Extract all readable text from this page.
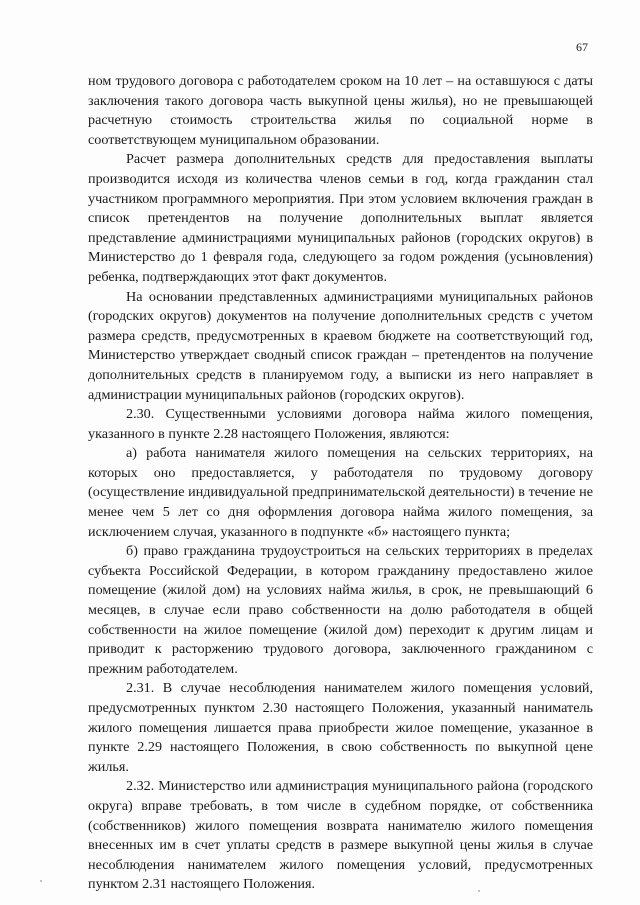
67

ном трудового договора с работодателем сроком на 10 лет – на оставшуюся с даты заключения такого договора часть выкупной цены жилья), но не превышающей расчетную стоимость строительства жилья по социальной норме в соответствующем муниципальном образовании.

Расчет размера дополнительных средств для предоставления выплаты производится исходя из количества членов семьи в год, когда гражданин стал участником программного мероприятия. При этом условием включения граждан в список претендентов на получение дополнительных выплат является представление администрациями муниципальных районов (городских округов) в Министерство до 1 февраля года, следующего за годом рождения (усыновления) ребенка, подтверждающих этот факт документов.

На основании представленных администрациями муниципальных районов (городских округов) документов на получение дополнительных средств с учетом размера средств, предусмотренных в краевом бюджете на соответствующий год, Министерство утверждает сводный список граждан – претендентов на получение дополнительных средств в планируемом году, а выписки из него направляет в администрации муниципальных районов (городских округов).

2.30. Существенными условиями договора найма жилого помещения, указанного в пункте 2.28 настоящего Положения, являются:

а) работа нанимателя жилого помещения на сельских территориях, на которых оно предоставляется, у работодателя по трудовому договору (осуществление индивидуальной предпринимательской деятельности) в течение не менее чем 5 лет со дня оформления договора найма жилого помещения, за исключением случая, указанного в подпункте «б» настоящего пункта;

б) право гражданина трудоустроиться на сельских территориях в пределах субъекта Российской Федерации, в котором гражданину предоставлено жилое помещение (жилой дом) на условиях найма жилья, в срок, не превышающий 6 месяцев, в случае если право собственности на долю работодателя в общей собственности на жилое помещение (жилой дом) переходит к другим лицам и приводит к расторжению трудового договора, заключенного гражданином с прежним работодателем.

2.31. В случае несоблюдения нанимателем жилого помещения условий, предусмотренных пунктом 2.30 настоящего Положения, указанный наниматель жилого помещения лишается права приобрести жилое помещение, указанное в пункте 2.29 настоящего Положения, в свою собственность по выкупной цене жилья.

2.32. Министерство или администрация муниципального района (городского округа) вправе требовать, в том числе в судебном порядке, от собственника (собственников) жилого помещения возврата нанимателю жилого помещения внесенных им в счет уплаты средств в размере выкупной цены жилья в случае несоблюдения нанимателем жилого помещения условий, предусмотренных пунктом 2.31 настоящего Положения.
